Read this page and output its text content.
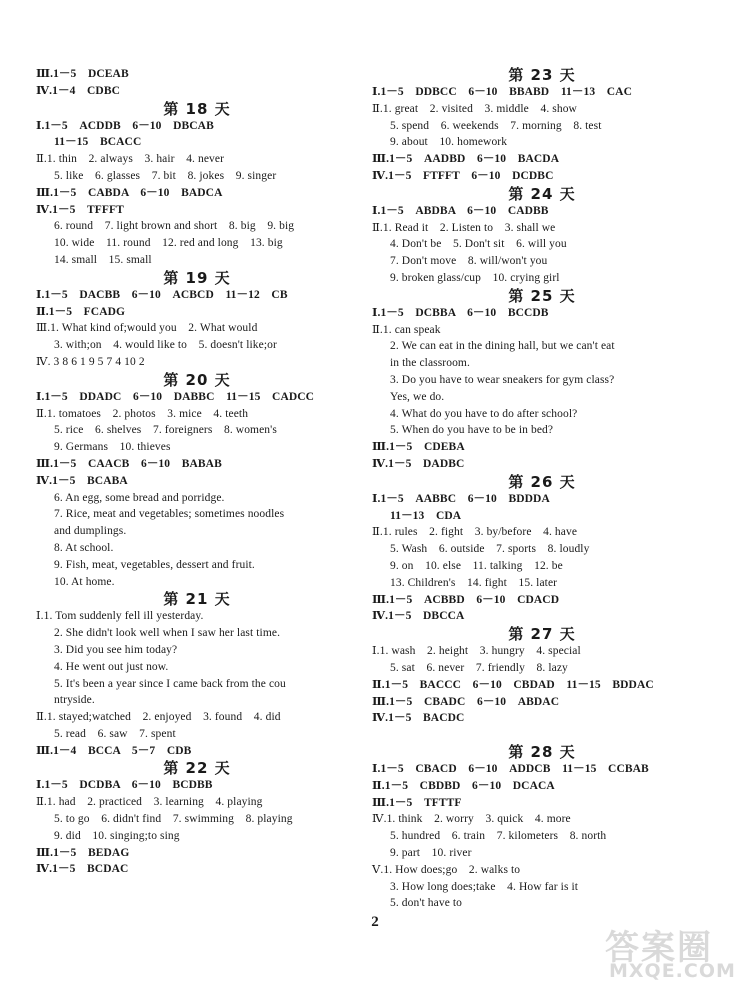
Ⅲ.1－5　DCEAB
Ⅳ.1－4　CDBC
第 18 天
Ⅰ.1－5　ACDDB　6－10　DBCAB
11－15　BCACC
Ⅱ.1. thin　2. always　3. hair　4. never
5. like　6. glasses　7. bit　8. jokes　9. singer
Ⅲ.1－5　CABDA　6－10　BADCA
Ⅳ.1－5　TFFFT
6. round　7. light brown and short　8. big　9. big
10. wide　11. round　12. red and long　13. big
14. small　15. small
第 19 天
Ⅰ.1－5　DACBB　6－10　ACBCD　11－12　CB
Ⅱ.1－5　FCADG
Ⅲ.1. What kind of;would you　2. What would
3. with;on　4. would like to　5. doesn't like;or
Ⅳ. 3 8 6 1 9 5 7 4 10 2
第 20 天
Ⅰ.1－5　DDADC　6－10　DABBC　11－15　CADCC
Ⅱ.1. tomatoes　2. photos　3. mice　4. teeth
5. rice　6. shelves　7. foreigners　8. women's
9. Germans　10. thieves
Ⅲ.1－5　CAACB　6－10　BABAB
Ⅳ.1－5　BCABA
6. An egg, some bread and porridge.
7. Rice, meat and vegetables; sometimes noodles
and dumplings.
8. At school.
9. Fish, meat, vegetables, dessert and fruit.
10. At home.
第 21 天
Ⅰ.1. Tom suddenly fell ill yesterday.
2. She didn't look well when I saw her last time.
3. Did you see him today?
4. He went out just now.
5. It's been a year since I came back from the cou
ntryside.
Ⅱ.1. stayed;watched　2. enjoyed　3. found　4. did
5. read　6. saw　7. spent
Ⅲ.1－4　BCCA　5－7　CDB
第 22 天
Ⅰ.1－5　DCDBA　6－10　BCDBB
Ⅱ.1. had　2. practiced　3. learning　4. playing
5. to go　6. didn't find　7. swimming　8. playing
9. did　10. singing;to sing
Ⅲ.1－5　BEDAG
Ⅳ.1－5　BCDAC
第 23 天
Ⅰ.1－5　DDBCC　6－10　BBABD　11－13　CAC
Ⅱ.1. great　2. visited　3. middle　4. show
5. spend　6. weekends　7. morning　8. test
9. about　10. homework
Ⅲ.1－5　AADBD　6－10　BACDA
Ⅳ.1－5　FTFFT　6－10　DCDBC
第 24 天
Ⅰ.1－5　ABDBA　6－10　CADBB
Ⅱ.1. Read it　2. Listen to　3. shall we
4. Don't be　5. Don't sit　6. will you
7. Don't move　8. will/won't you
9. broken glass/cup　10. crying girl
第 25 天
Ⅰ.1－5　DCBBA　6－10　BCCDB
Ⅱ.1. can speak
2. We can eat in the dining hall, but we can't eat
in the classroom.
3. Do you have to wear sneakers for gym class?
Yes, we do.
4. What do you have to do after school?
5. When do you have to be in bed?
Ⅲ.1－5　CDEBA
Ⅳ.1－5　DADBC
第 26 天
Ⅰ.1－5　AABBC　6－10　BDDDA
11－13　CDA
Ⅱ.1. rules　2. fight　3. by/before　4. have
5. Wash　6. outside　7. sports　8. loudly
9. on　10. else　11. talking　12. be
13. Children's　14. fight　15. later
Ⅲ.1－5　ACBBD　6－10　CDACD
Ⅳ.1－5　DBCCA
第 27 天
Ⅰ.1. wash　2. height　3. hungry　4. special
5. sat　6. never　7. friendly　8. lazy
Ⅱ.1－5　BACCC　6－10　CBDAD　11－15　BDDAC
Ⅲ.1－5　CBADC　6－10　ABDAC
Ⅳ.1－5　BACDC
第 28 天
Ⅰ.1－5　CBACD　6－10　ADDCB　11－15　CCBAB
Ⅱ.1－5　CBDBD　6－10　DCACA
Ⅲ.1－5　TFTTF
Ⅳ.1. think　2. worry　3. quick　4. more
5. hundred　6. train　7. kilometers　8. north
9. part　10. river
Ⅴ.1. How does;go　2. walks to
3. How long does;take　4. How far is it
5. don't have to
2
答案圈
MXQE.COM
